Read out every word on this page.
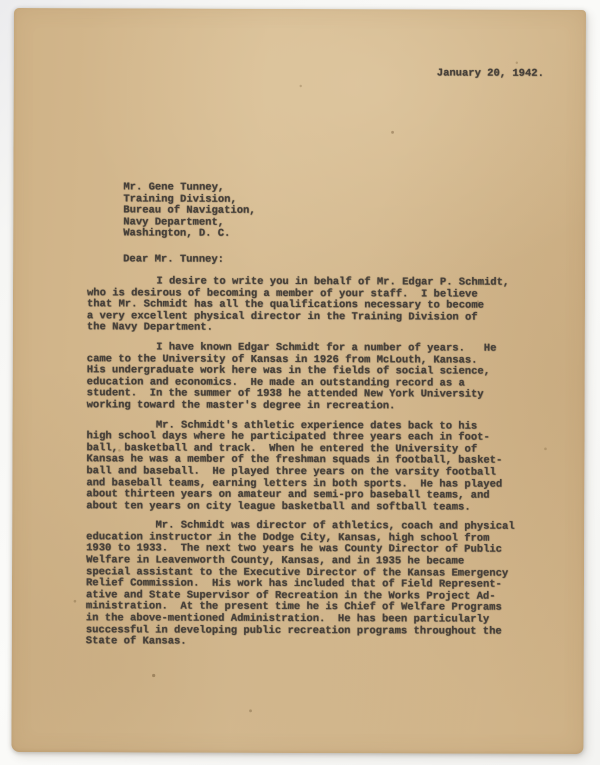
January 20, 1942.
Mr. Gene Tunney,
Training Division,
Bureau of Navigation,
Navy Department,
Washington, D. C.
Dear Mr. Tunney:
I desire to write you in behalf of Mr. Edgar P. Schmidt,
who is desirous of becoming a member of your staff.  I believe
that Mr. Schmidt has all the qualifications necessary to become
a very excellent physical director in the Training Division of
the Navy Department.
I have known Edgar Schmidt for a number of years.   He
came to the University of Kansas in 1926 from McLouth, Kansas.
His undergraduate work here was in the fields of social science,
education and economics.  He made an outstanding record as a
student.  In the summer of 1938 he attended New York University
working toward the master's degree in recreation.
Mr. Schmidt's athletic experience dates back to his
high school days where he participated three years each in foot-
ball, basketball and track.  When he entered the University of
Kansas he was a member of the freshman squads in football, basket-
ball and baseball.  He played three years on the varsity football
and baseball teams, earning letters in both sports.  He has played
about thirteen years on amateur and semi-pro baseball teams, and
about ten years on city league basketball and softball teams.
Mr. Schmidt was director of athletics, coach and physical
education instructor in the Dodge City, Kansas, high school from
1930 to 1933.  The next two years he was County Director of Public
Welfare in Leavenworth County, Kansas, and in 1935 he became
special assistant to the Executive Director of the Kansas Emergency
Relief Commission.  His work has included that of Field Represent-
ative and State Supervisor of Recreation in the Works Project Ad-
ministration.  At the present time he is Chief of Welfare Programs
in the above-mentioned Administration.  He has been particularly
successful in developing public recreation programs throughout the
State of Kansas.
